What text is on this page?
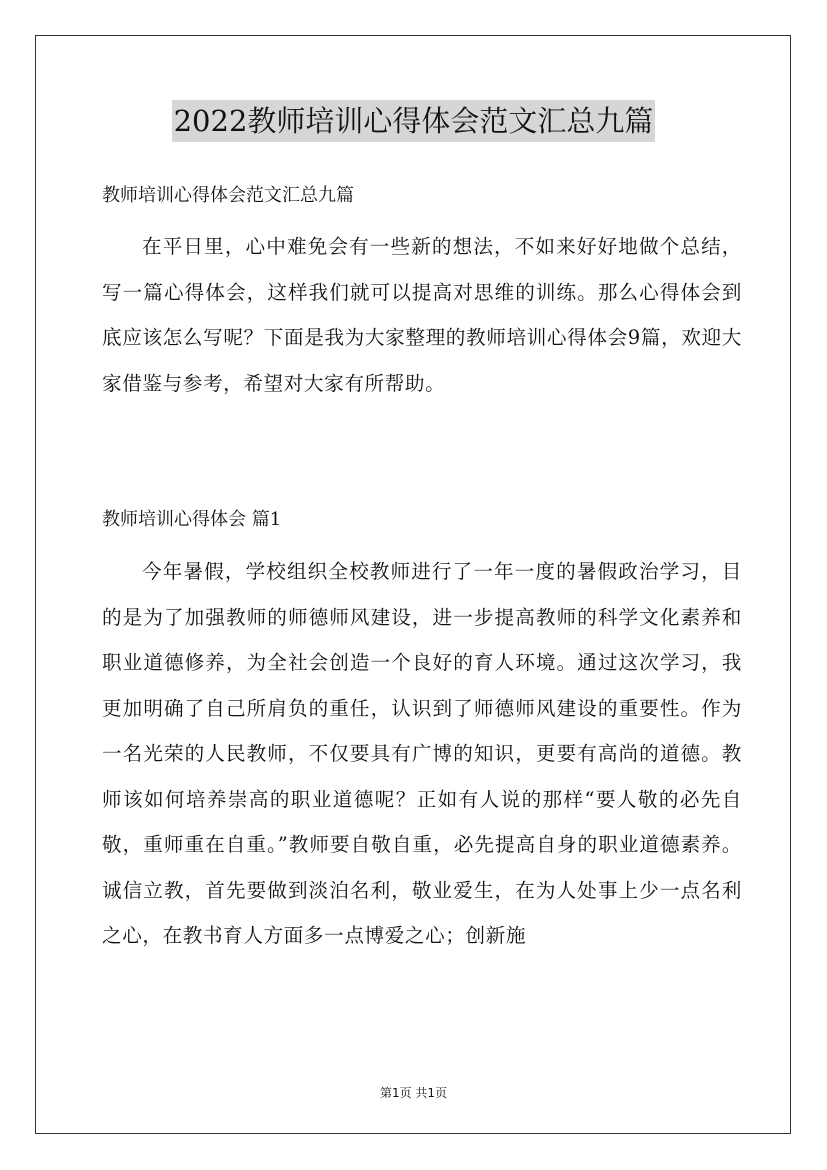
2022教师培训心得体会范文汇总九篇
教师培训心得体会范文汇总九篇

在平日里，心中难免会有一些新的想法，不如来好好地做个总结，写一篇心得体会，这样我们就可以提高对思维的训练。那么心得体会到底应该怎么写呢？下面是我为大家整理的教师培训心得体会9篇，欢迎大家借鉴与参考，希望对大家有所帮助。

教师培训心得体会 篇1

今年暑假，学校组织全校教师进行了一年一度的暑假政治学习，目的是为了加强教师的师德师风建设，进一步提高教师的科学文化素养和职业道德修养，为全社会创造一个良好的育人环境。通过这次学习，我更加明确了自己所肩负的重任，认识到了师德师风建设的重要性。作为一名光荣的人民教师，不仅要具有广博的知识，更要有高尚的道德。教师该如何培养崇高的职业道德呢？正如有人说的那样“要人敬的必先自敬，重师重在自重。”教师要自敬自重，必先提高自身的职业道德素养。诚信立教，首先要做到淡泊名利，敬业爱生，在为人处事上少一点名利之心，在教书育人方面多一点博爱之心；创新施

第1页 共1页
